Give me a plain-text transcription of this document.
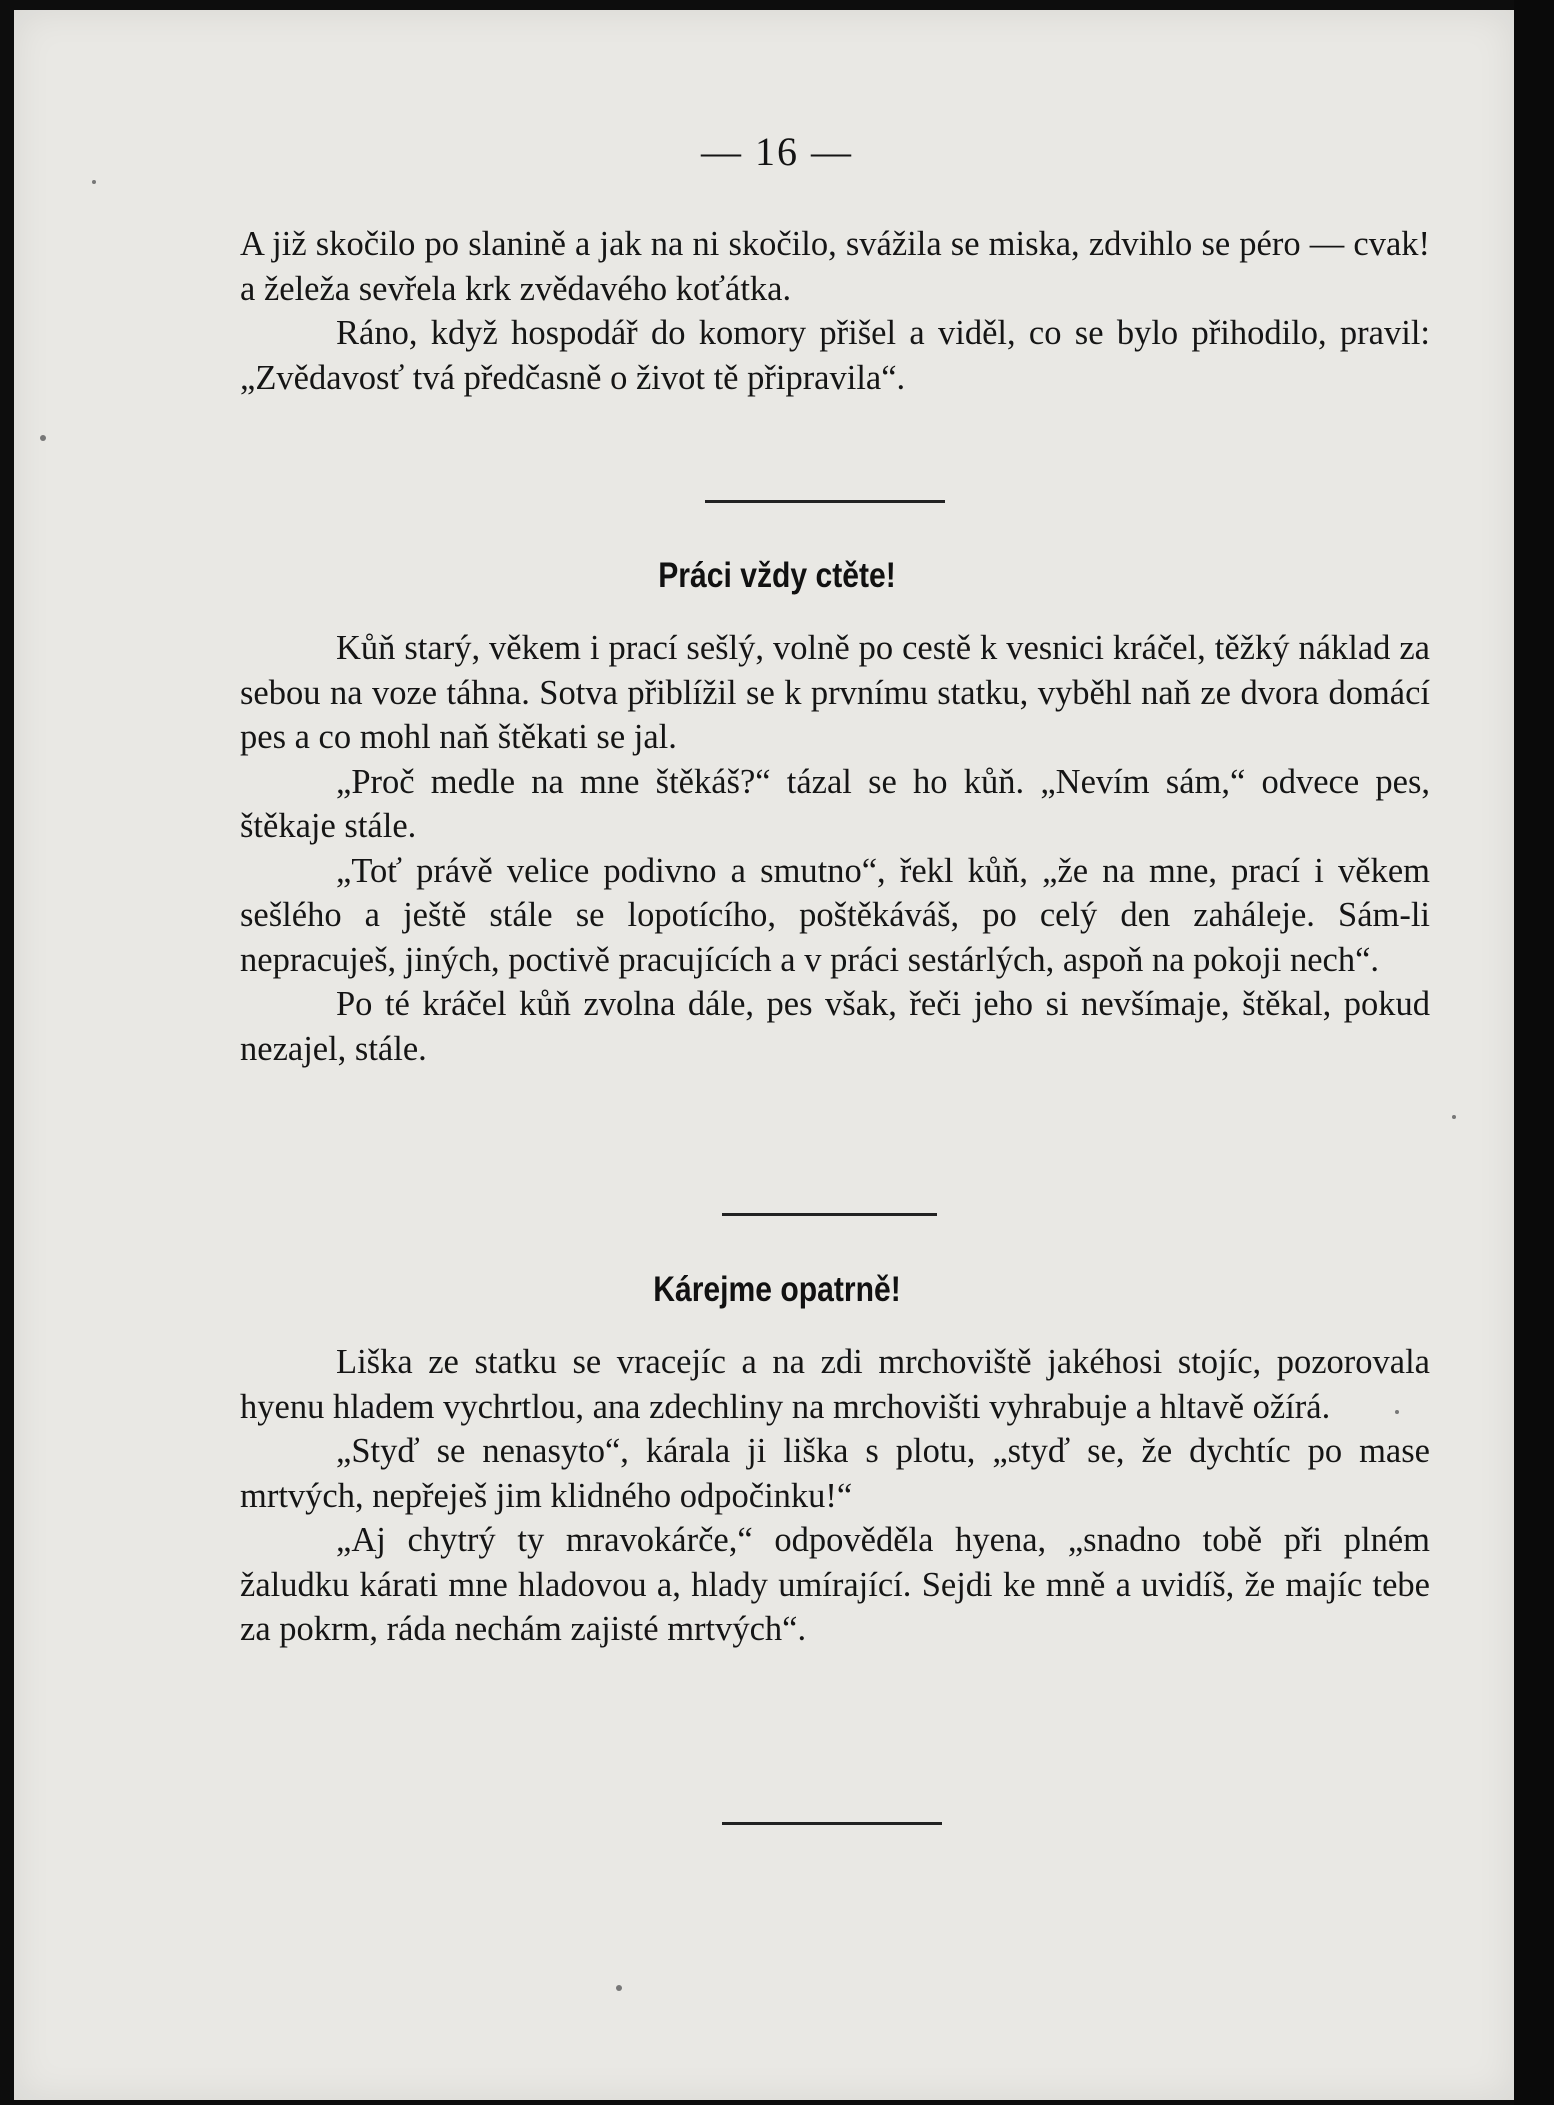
— 16 —

A již skočilo po slanině a jak na ni skočilo, svážila se miska, zdvihlo se péro — cvak! a želeža sevřela krk zvědavého koťátka.

Ráno, když hospodář do komory přišel a viděl, co se bylo přihodilo, pravil: „Zvědavosť tvá předčasně o život tě připravila“.

Práci vždy ctěte!

Kůň starý, věkem i prací sešlý, volně po cestě k vesnici kráčel, těžký náklad za sebou na voze táhna. Sotva přiblížil se k prvnímu statku, vyběhl naň ze dvora domácí pes a co mohl naň štěkati se jal.

„Proč medle na mne štěkáš?“ tázal se ho kůň. „Nevím sám,“ odvece pes, štěkaje stále.

„Toť právě velice podivno a smutno“, řekl kůň, „že na mne, prací i věkem sešlého a ještě stále se lopotícího, poštěkáváš, po celý den zaháleje. Sám-li nepracuješ, jiných, poctivě pracujících a v práci sestárlých, aspoň na pokoji nech“.

Po té kráčel kůň zvolna dále, pes však, řeči jeho si nevšímaje, štěkal, pokud nezajel, stále.

Kárejme opatrně!

Liška ze statku se vracejíc a na zdi mrchoviště jakéhosi stojíc, pozorovala hyenu hladem vychrtlou, ana zdechliny na mrchovišti vyhrabuje a hltavě ožírá.

„Styď se nenasyto“, kárala ji liška s plotu, „styď se, že dychtíc po mase mrtvých, nepřeješ jim klidného odpočinku!“

„Aj chytrý ty mravokárče,“ odpověděla hyena, „snadno tobě při plném žaludku kárati mne hladovou a, hlady umírající. Sejdi ke mně a uvidíš, že majíc tebe za pokrm, ráda nechám zajisté mrtvých“.
